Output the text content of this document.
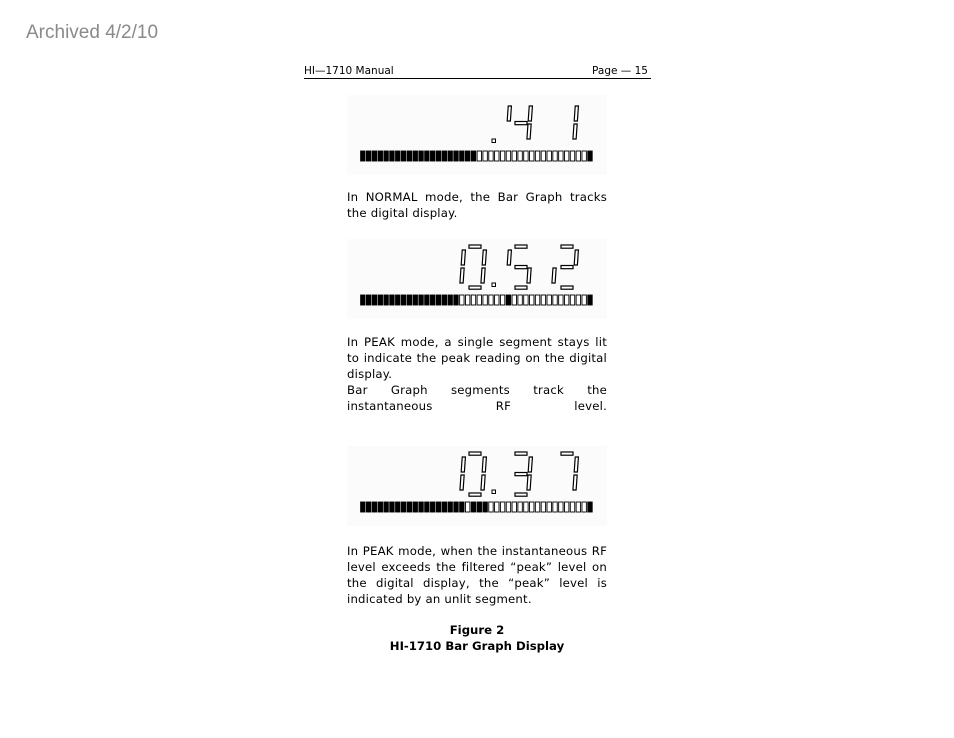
Archived 4/2/10
HI—1710 Manual	Page — 15

In NORMAL mode, the Bar Graph tracks the digital display.

In PEAK mode, a single segment stays lit to indicate the peak reading on the digital display.

Bar Graph segments track the instantaneous RF level.

In PEAK mode, when the instantaneous RF level exceeds the filtered “peak” level on the digital display, the “peak” level is indicated by an unlit segment.

Figure 2
HI-1710 Bar Graph Display
